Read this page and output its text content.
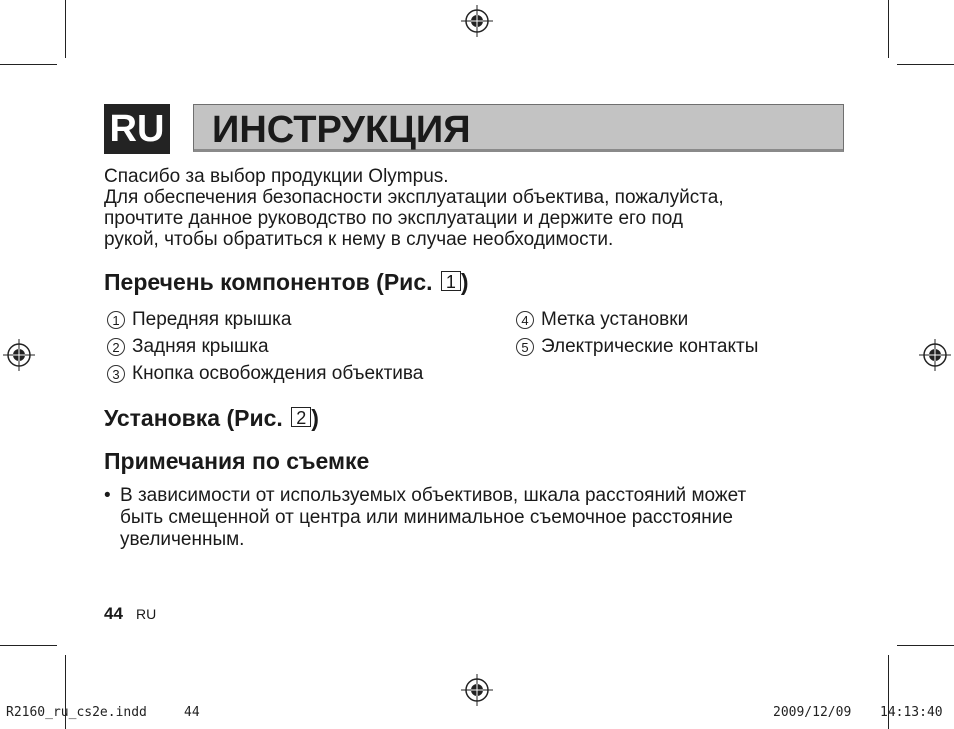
RU ИНСТРУКЦИЯ

Спасибо за выбор продукции Olympus.

Для обеспечения безопасности эксплуатации объектива, пожалуйста,

прочтите данное руководство по эксплуатации и держите его под

рукой, чтобы обратиться к нему в случае необходимости.

Перечень компонентов (Рис. 1 )
1 Передняя крышка
2 Задняя крышка
3 Кнопка освобождения объектива
4 Метка установки
5 Электрические контакты
Установка (Рис. 2 )
Примечания по съемке
• В зависимости от используемых объективов, шкала расстояний может
быть смещенной от центра или минимальное съемочное расстояние
увеличенным.
44 RU
R2160_ru_cs2e.indd	44	2009/12/09 14:13:40
